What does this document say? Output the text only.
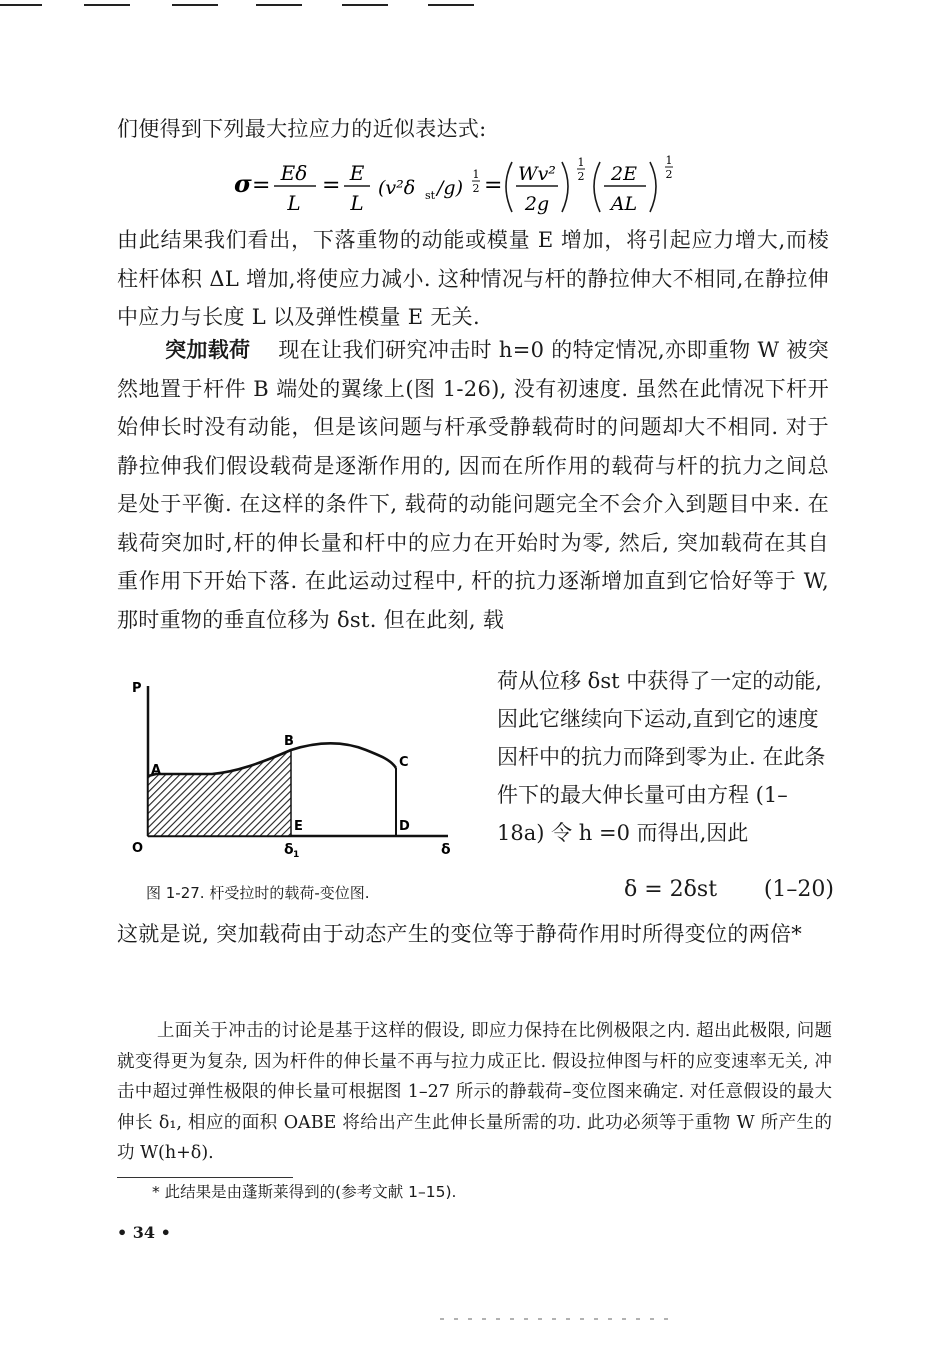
们便得到下列最大拉应力的近似表达式:

σ = Eδ
L
= E
L
(v²δ st /g)
1
2 = Wv²
2g
1
2 2E
AL
1
2

由此结果我们看出，下落重物的动能或模量 E 增加，将引起应力增大,而棱柱杆体积 ΔL 增加,将使应力减小. 这种情况与杆的静拉伸大不相同,在静拉伸中应力与长度 L 以及弹性模量 E 无关.

突加载荷 现在让我们研究冲击时 h=0 的特定情况,亦即重物 W 被突然地置于杆件 B 端处的翼缘上(图 1-26), 没有初速度. 虽然在此情况下杆开始伸长时没有动能，但是该问题与杆承受静载荷时的问题却大不相同. 对于静拉伸我们假设载荷是逐渐作用的, 因而在所作用的载荷与杆的抗力之间总是处于平衡. 在这样的条件下, 载荷的动能问题完全不会介入到题目中来. 在载荷突加时,杆的伸长量和杆中的应力在开始时为零, 然后, 突加载荷在其自重作用下开始下落. 在此运动过程中, 杆的抗力逐渐增加直到它恰好等于 W,那时重物的垂直位移为 δst. 但在此刻, 载

P
δ
O
A
B
C
D
E
δ 1
图 1-27. 杆受拉时的载荷-变位图.

荷从位移 δst 中获得了一定的动能,因此它继续向下运动,直到它的速度因杆中的抗力而降到零为止. 在此条件下的最大伸长量可由方程 (1–18a) 令 h =0 而得出,因此

δ = 2δst (1–20)

这就是说, 突加载荷由于动态产生的变位等于静荷作用时所得变位的两倍*

上面关于冲击的讨论是基于这样的假设, 即应力保持在比例极限之内. 超出此极限, 问题就变得更为复杂, 因为杆件的伸长量不再与拉力成正比. 假设拉伸图与杆的应变速率无关, 冲击中超过弹性极限的伸长量可根据图 1–27 所示的静载荷–变位图来确定. 对任意假设的最大伸长 δ₁, 相应的面积 OABE 将给出产生此伸长量所需的功. 此功必须等于重物 W 所产生的功 W(h+δ).

* 此结果是由蓬斯莱得到的(参考文献 1–15).
• 34 •
